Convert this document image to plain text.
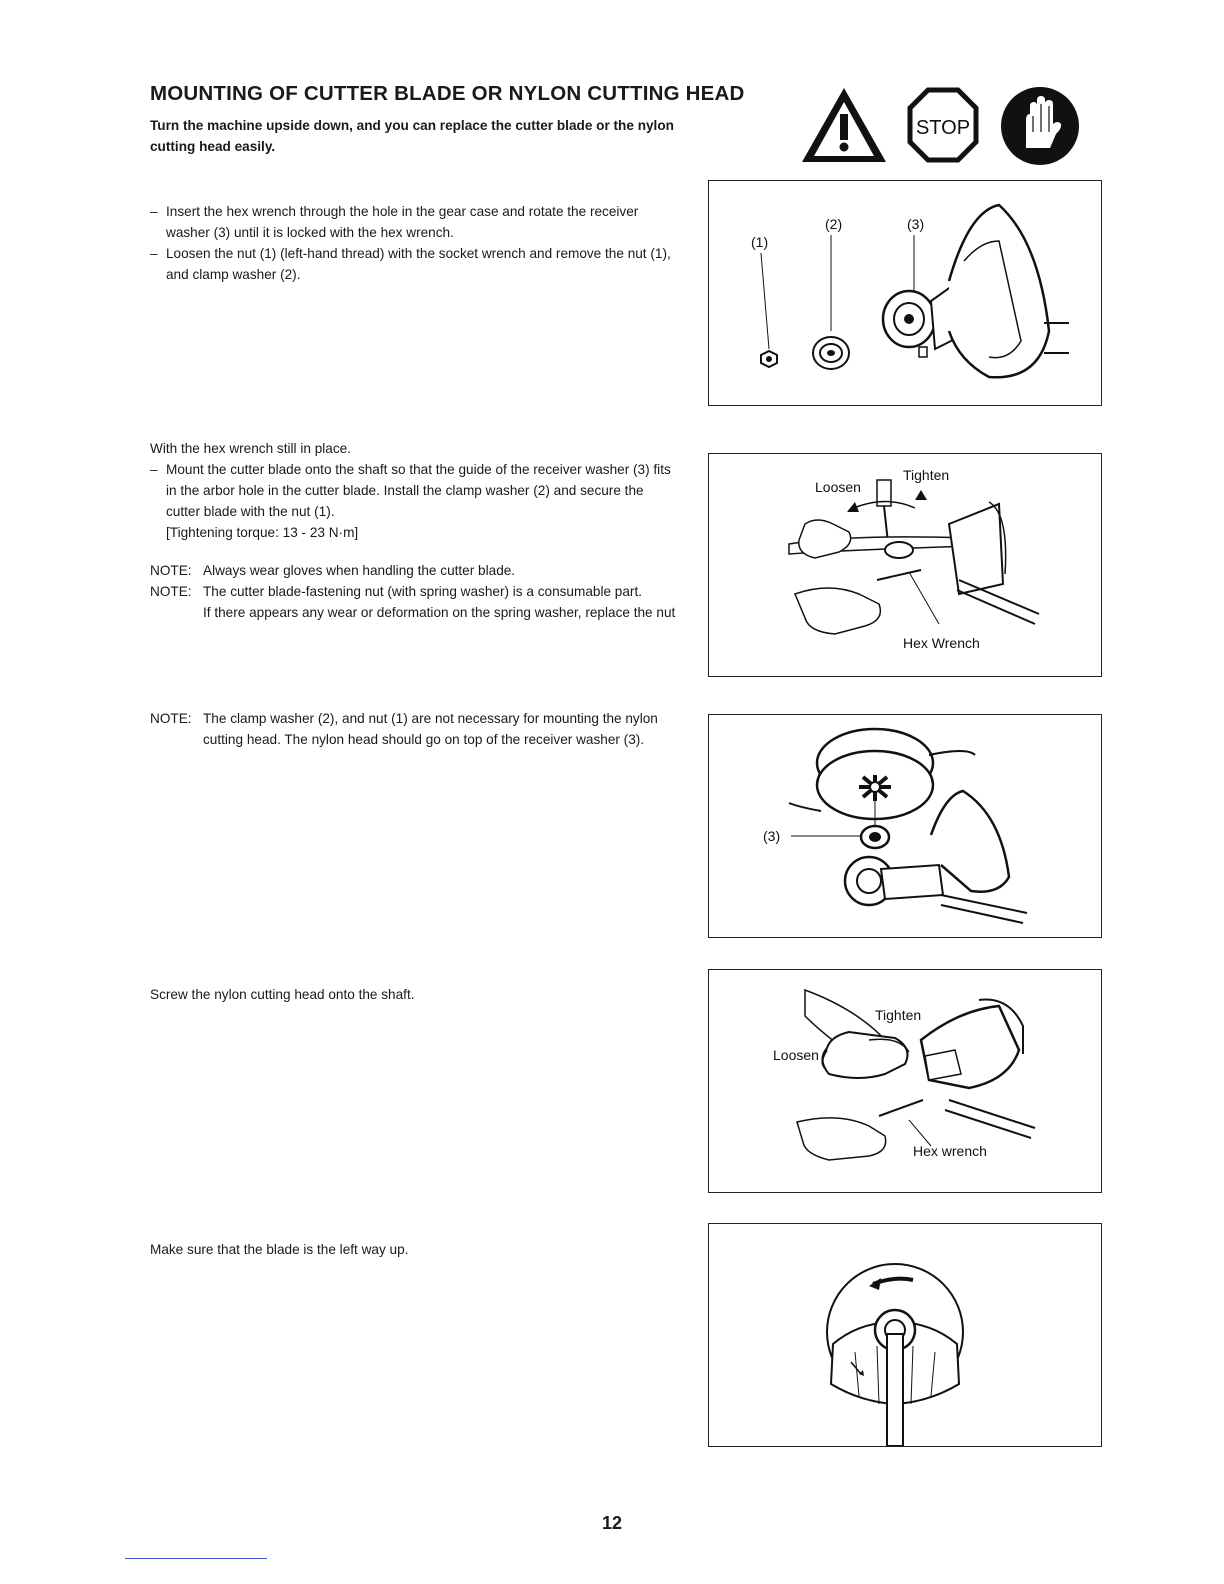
MOUNTING OF CUTTER BLADE OR NYLON CUTTING HEAD
Turn the machine upside down, and you can replace the cutter blade or the nylon cutting head easily.
STOP
– Insert the hex wrench through the hole in the gear case and rotate the receiver washer (3) until it is locked with the hex wrench.
– Loosen the nut (1) (left-hand thread) with the socket wrench and remove the nut (1), and clamp washer (2).
(1)
(2)	(3)
With the hex wrench still in place.
– Mount the cutter blade onto the shaft so that the guide of the receiver washer (3) fits in the arbor hole in the cutter blade. Install the clamp washer (2) and secure the cutter blade with the nut (1).
[Tightening torque: 13 - 23 N·m]
NOTE: Always wear gloves when handling the cutter blade.
NOTE: The cutter blade-fastening nut (with spring washer) is a consumable part.
If there appears any wear or deformation on the spring washer, replace the nut
Loosen
Tighten
Hex Wrench
NOTE: The clamp washer (2), and nut (1) are not necessary for mounting the nylon cutting head. The nylon head should go on top of the receiver washer (3).
(3)
Screw the nylon cutting head onto the shaft.
Loosen
Tighten
Hex wrench
Make sure that the blade is the left way up.
12
